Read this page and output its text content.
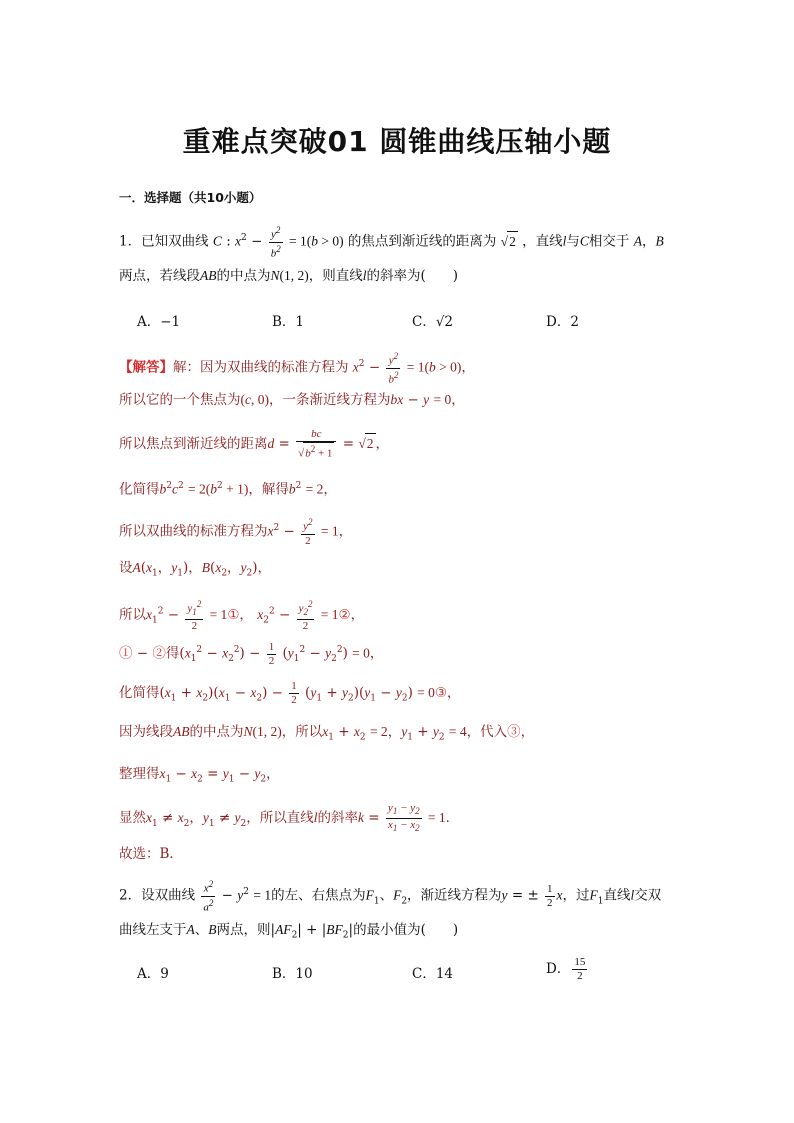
重难点突破01 圆锥曲线压轴小题
一．选择题（共10小题）
1．已知双曲线 C : $x^2 - \frac{y^2}{b^2} = 1(b > 0)$ 的焦点到渐近线的距离为 √2 ，直线l与C相交于 A，B
两点，若线段AB的中点为N(1, 2)，则直线l的斜率为(　　)
A．−1	B．1	C．√2	D．2
【解答】解：因为双曲线的标准方程为 $x^2 - \frac{y^2}{b^2} = 1(b > 0)$，
所以它的一个焦点为(c, 0)，一条渐近线方程为bx − y = 0，
所以焦点到渐近线的距离$d = \frac{bc}{√b^2 + 1} = √2$ ，
化简得$b^2c^2 = 2(b^2 + 1)$，解得$b^2 = 2$，
所以双曲线的标准方程为$x^2 - \frac{y^2}{2} = 1$，
设$A(x_1$，$y_1$)，$B(x_2$，$y_2$)，
所以$x_1^2 - \frac{y_1^2}{2}$ = 1①， $x_2^2 - \frac{y_2^2}{2}$ = 1②，
① − ②得$(x_1^2 - x_2^2) - \frac{1}{2} (y_1^2 - y_2^2) = 0$，
化简得$(x_1 + x_2)(x_1 - x_2) - \frac{1}{2} (y_1 + y_2)(y_1 - y_2)$ = 0③，
因为线段AB的中点为N(1, 2)，所以$x_1 + x_2 = 2$，$y_1 + y_2 = 4$，代入③，
整理得$x_1 - x_2 = y_1 - y_2$，
显然$x_1 \ne x_2$，$y_1 \ne y_2$，所以直线l的斜率$k = \frac{y_1 - y_2}{x_1 - x_2} = 1$．
故选：B．
2．设双曲线 $\frac{x^2}{a^2} - y^2 = 1$的左、右焦点为$F_1$、$F_2$，渐近线方程为y = ± $\frac{1}{2}$ x，过$F_1$直线l交双
曲线左支于A、B两点，则$|AF_2| + |BF_2|$的最小值为(　　)
A．9	B．10	C．14	D． $\frac{15}{2}$
